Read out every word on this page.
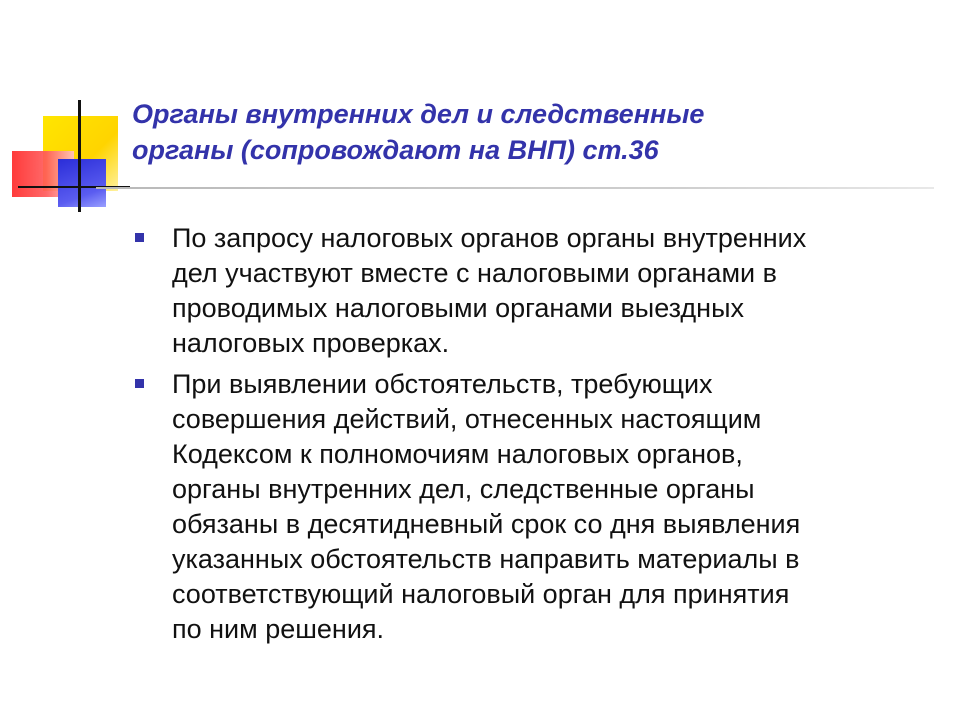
Органы внутренних дел и следственные
органы (сопровождают на ВНП) ст.36
По запросу налоговых органов органы внутренних
дел участвуют вместе с налоговыми органами в
проводимых налоговыми органами выездных
налоговых проверках.
При выявлении обстоятельств, требующих
совершения действий, отнесенных настоящим
Кодексом к полномочиям налоговых органов,
органы внутренних дел, следственные органы
обязаны в десятидневный срок со дня выявления
указанных обстоятельств направить материалы в
соответствующий налоговый орган для принятия
по ним решения.
